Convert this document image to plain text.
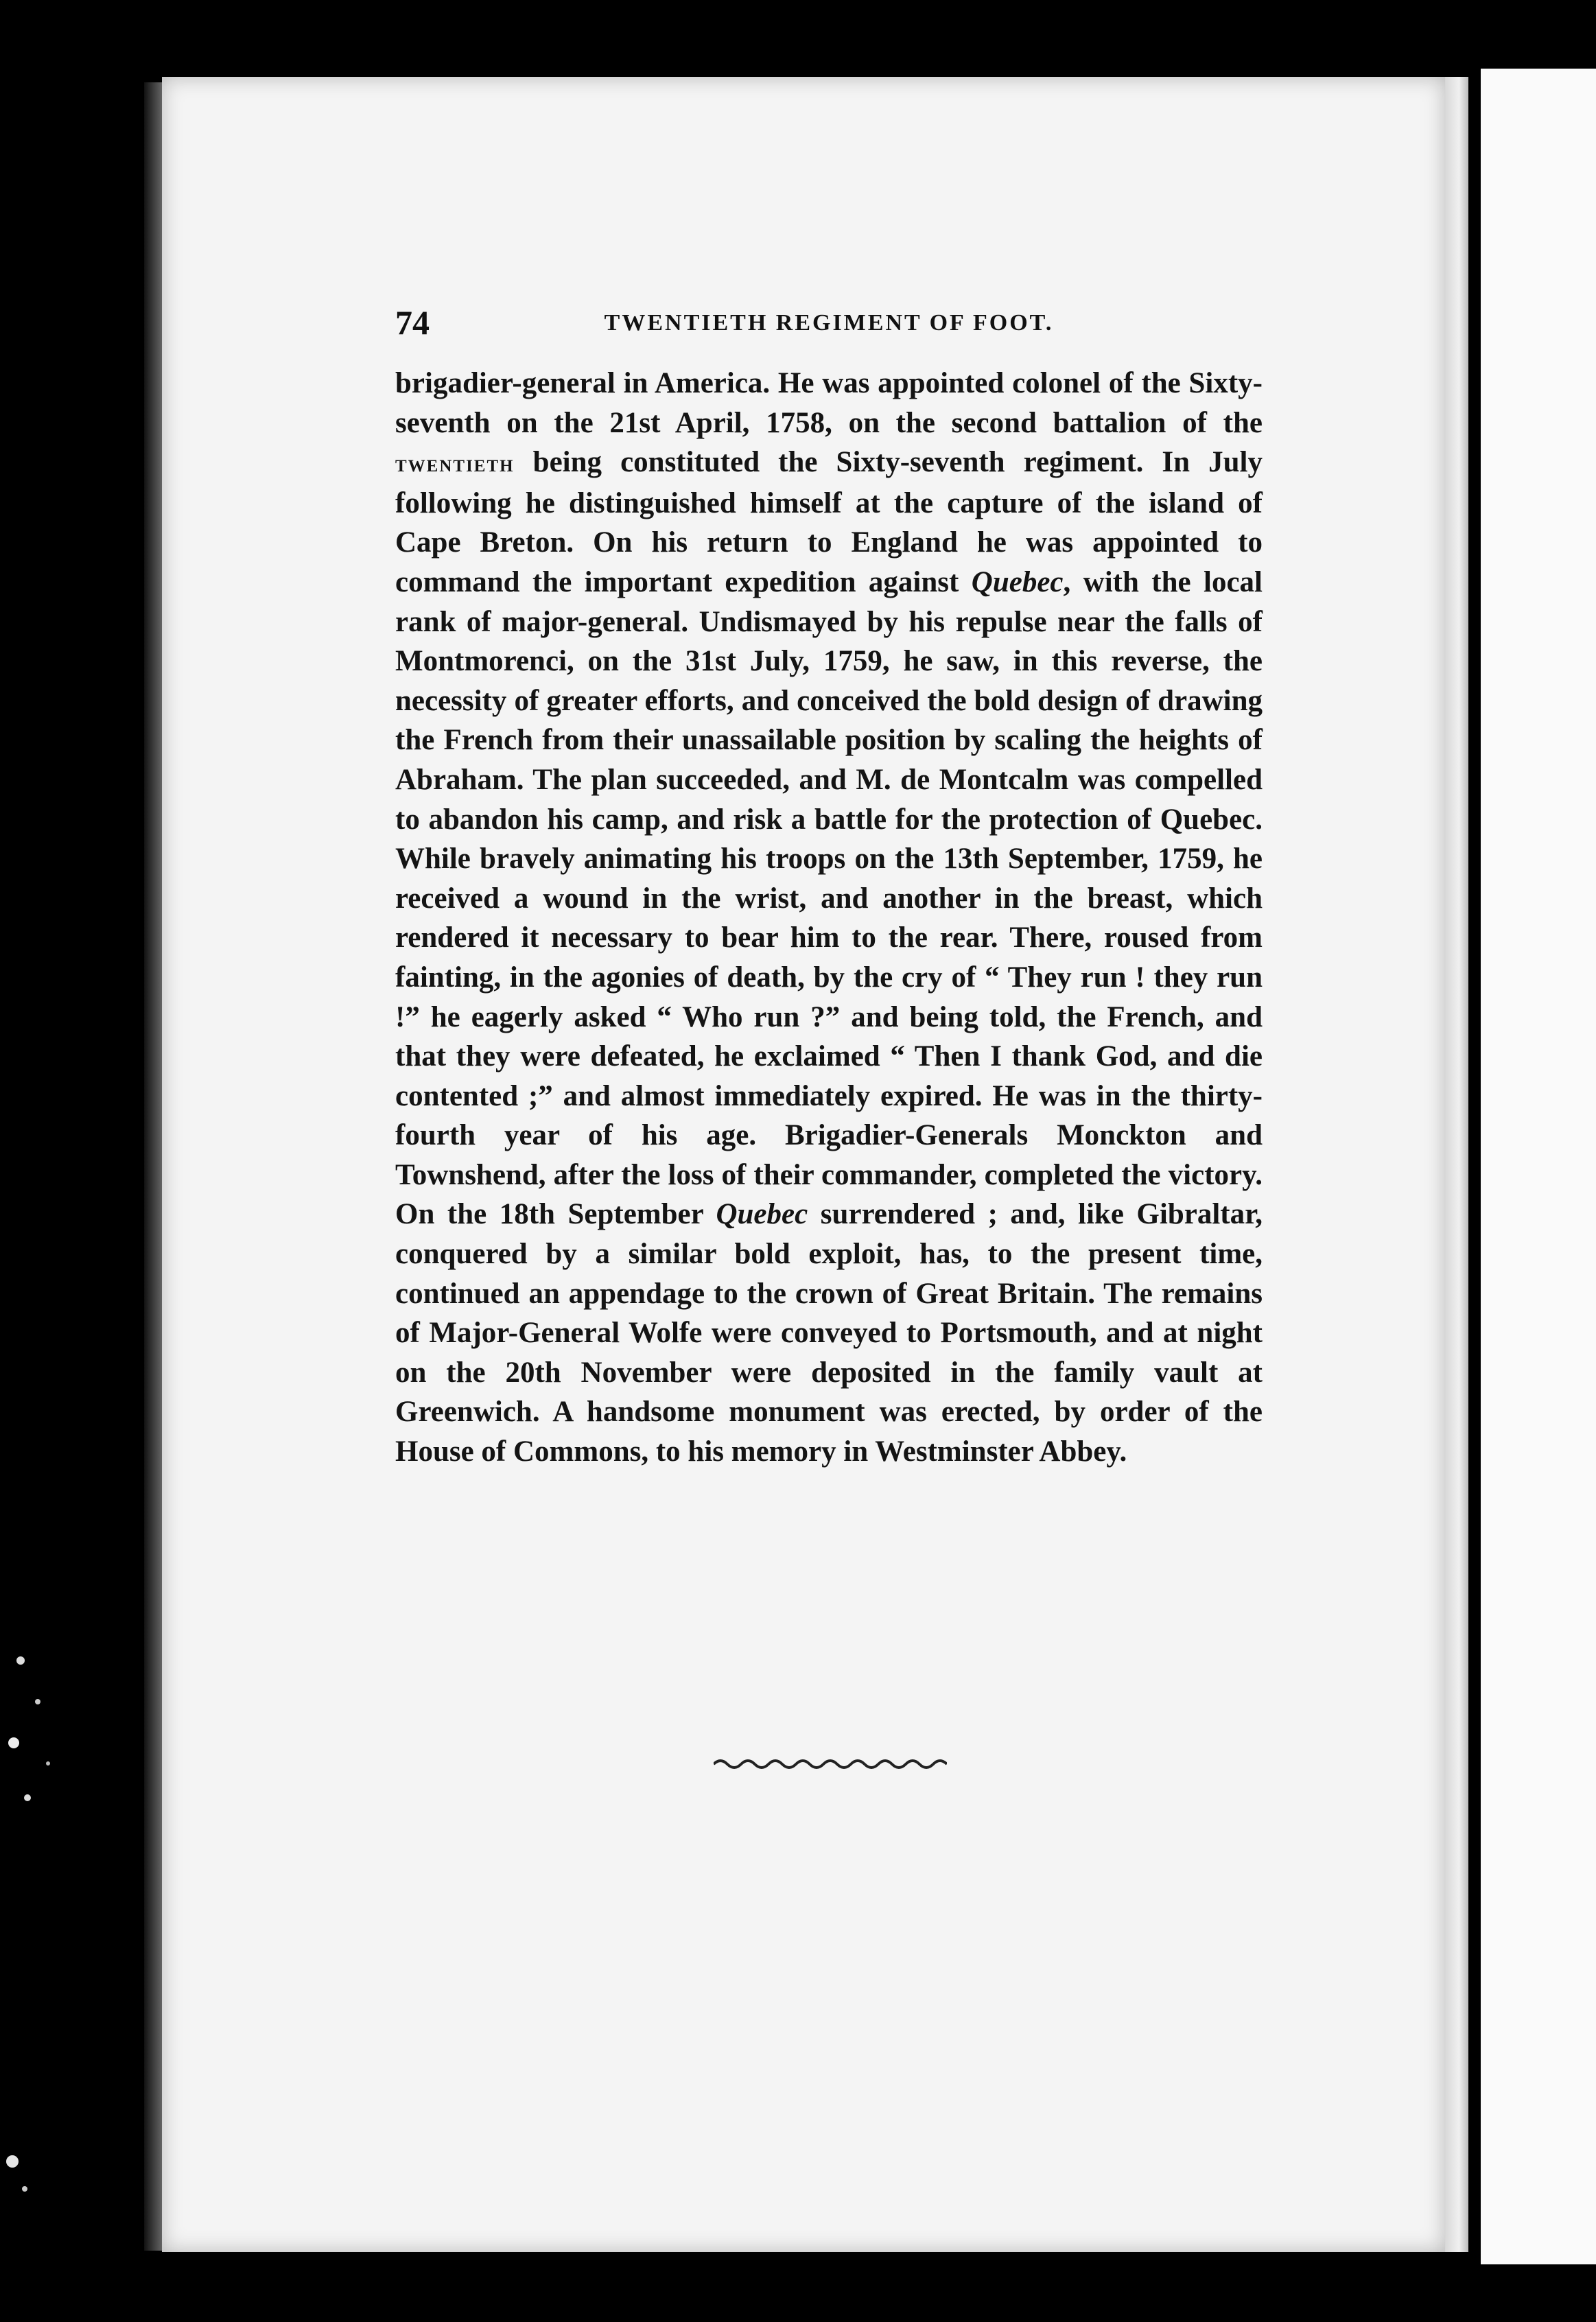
74	TWENTIETH REGIMENT OF FOOT.

brigadier-general in America. He was appointed colonel of the Sixty-seventh on the 21st April, 1758, on the second battalion of the twentieth being constituted the Sixty-seventh regiment. In July following he distinguished himself at the capture of the island of Cape Breton. On his return to England he was appointed to command the important expedition against Quebec, with the local rank of major-general. Undismayed by his repulse near the falls of Montmorenci, on the 31st July, 1759, he saw, in this reverse, the necessity of greater efforts, and conceived the bold design of drawing the French from their unassailable position by scaling the heights of Abraham. The plan succeeded, and M. de Montcalm was compelled to abandon his camp, and risk a battle for the protection of Quebec. While bravely animating his troops on the 13th September, 1759, he received a wound in the wrist, and another in the breast, which rendered it necessary to bear him to the rear. There, roused from fainting, in the agonies of death, by the cry of “ They run ! they run !” he eagerly asked “ Who run ?” and being told, the French, and that they were defeated, he exclaimed “ Then I thank God, and die contented ;” and almost immediately expired. He was in the thirty-fourth year of his age. Brigadier-Generals Monckton and Townshend, after the loss of their commander, completed the victory. On the 18th September Quebec surrendered ; and, like Gibraltar, conquered by a similar bold exploit, has, to the present time, continued an appendage to the crown of Great Britain. The remains of Major-General Wolfe were conveyed to Portsmouth, and at night on the 20th November were deposited in the family vault at Greenwich. A handsome monument was erected, by order of the House of Commons, to his memory in Westminster Abbey.
